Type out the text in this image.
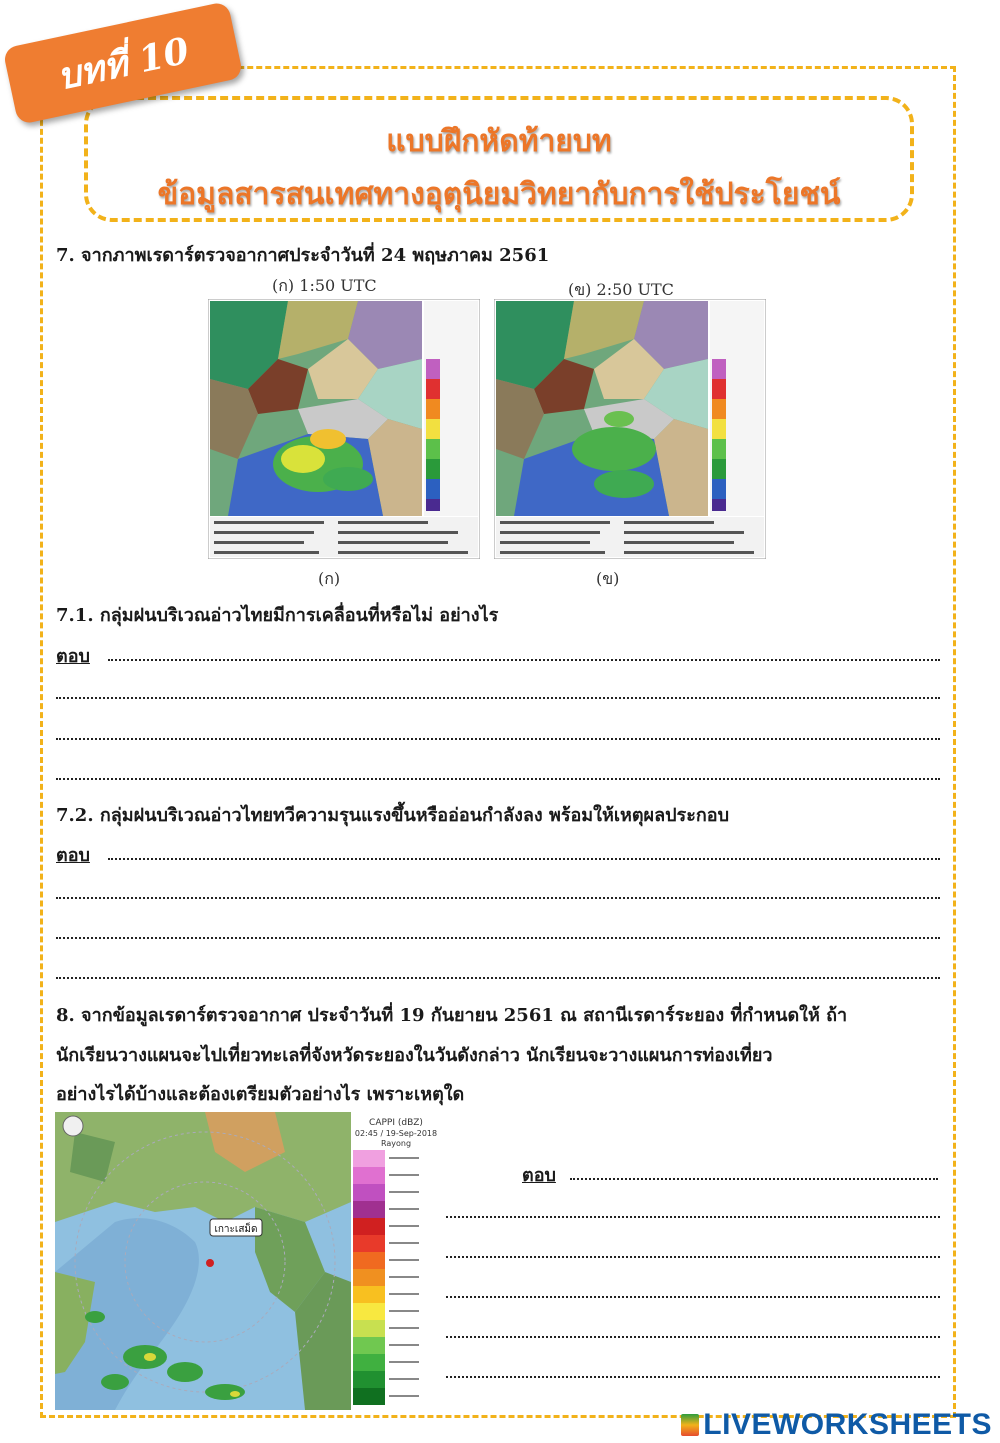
แบบฝึกหัดท้ายบท
ข้อมูลสารสนเทศทางอุตุนิยมวิทยากับการใช้ประโยชน์
บทที่ 10
7. จากภาพเรดาร์ตรวจอากาศประจำวันที่ 24 พฤษภาคม 2561
(ก) 1:50 UTC	(ข) 2:50 UTC
(ก)	(ข)
7.1. กลุ่มฝนบริเวณอ่าวไทยมีการเคลื่อนที่หรือไม่ อย่างไร
ตอบ
7.2. กลุ่มฝนบริเวณอ่าวไทยทวีความรุนแรงขึ้นหรืออ่อนกำลังลง พร้อมให้เหตุผลประกอบ
ตอบ
8. จากข้อมูลเรดาร์ตรวจอากาศ ประจำวันที่ 19 กันยายน 2561 ณ สถานีเรดาร์ระยอง ที่กำหนดให้ ถ้า
นักเรียนวางแผนจะไปเที่ยวทะเลที่จังหวัดระยองในวันดังกล่าว นักเรียนจะวางแผนการท่องเที่ยว
อย่างไรได้บ้างและต้องเตรียมตัวอย่างไร เพราะเหตุใด
เกาะเสม็ด
CAPPI (dBZ)
02:45 / 19-Sep-2018
Rayong
ตอบ
LIVEWORKSHEETS
